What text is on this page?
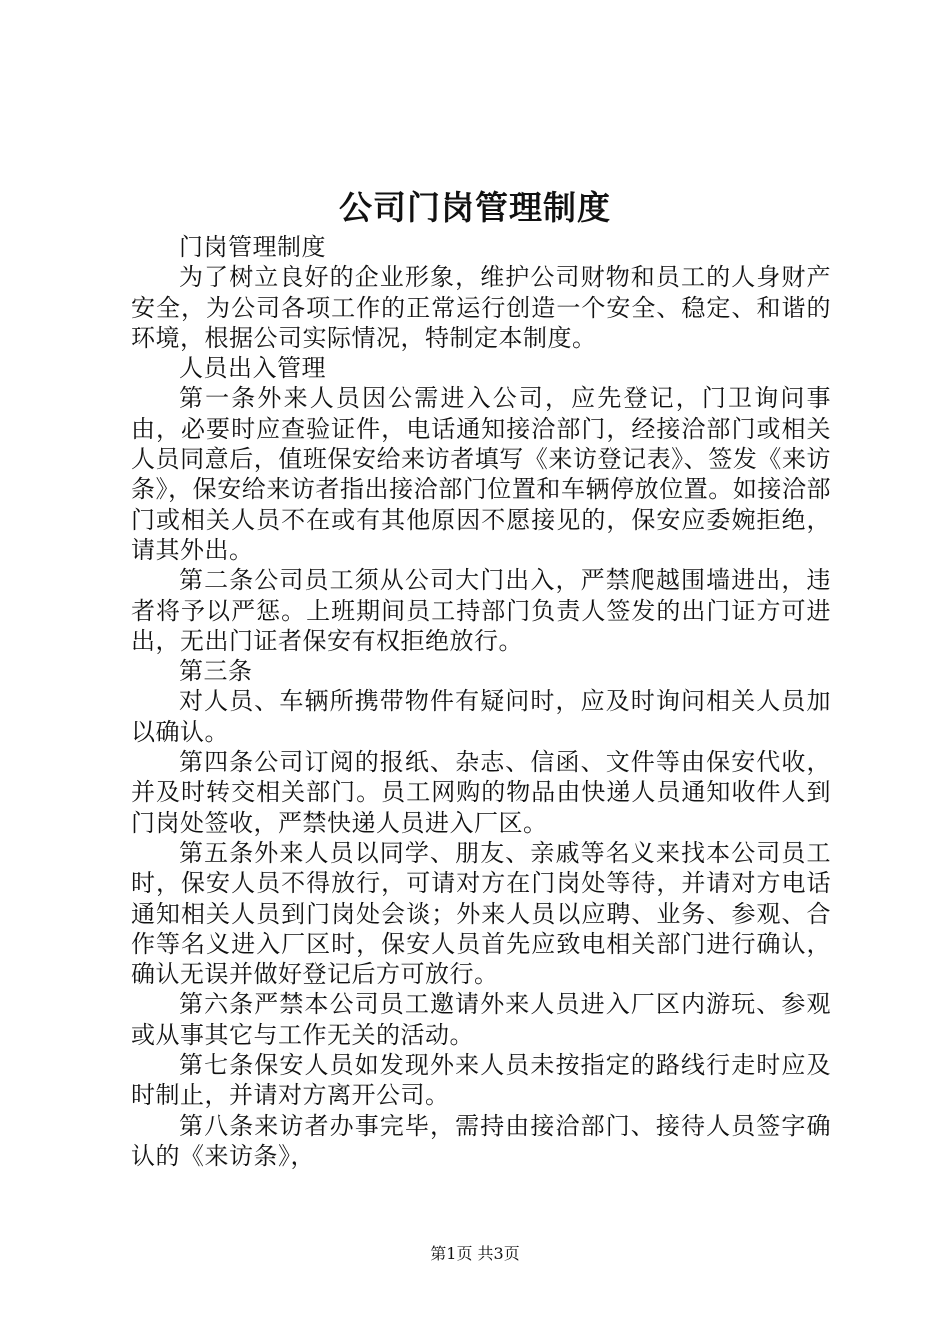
公司门岗管理制度

门岗管理制度

为了树立良好的企业形象，维护公司财物和员工的人身财产安全，为公司各项工作的正常运行创造一个安全、稳定、和谐的环境，根据公司实际情况，特制定本制度。

人员出入管理

第一条外来人员因公需进入公司，应先登记，门卫询问事由，必要时应查验证件，电话通知接洽部门，经接洽部门或相关人员同意后，值班保安给来访者填写《来访登记表》、签发《来访条》，保安给来访者指出接洽部门位置和车辆停放位置。如接洽部门或相关人员不在或有其他原因不愿接见的，保安应委婉拒绝，请其外出。

第二条公司员工须从公司大门出入，严禁爬越围墙进出，违者将予以严惩。上班期间员工持部门负责人签发的出门证方可进出，无出门证者保安有权拒绝放行。

第三条

对人员、车辆所携带物件有疑问时，应及时询问相关人员加以确认。

第四条公司订阅的报纸、杂志、信函、文件等由保安代收，并及时转交相关部门。员工网购的物品由快递人员通知收件人到门岗处签收，严禁快递人员进入厂区。

第五条外来人员以同学、朋友、亲戚等名义来找本公司员工时，保安人员不得放行，可请对方在门岗处等待，并请对方电话通知相关人员到门岗处会谈；外来人员以应聘、业务、参观、合作等名义进入厂区时，保安人员首先应致电相关部门进行确认，确认无误并做好登记后方可放行。

第六条严禁本公司员工邀请外来人员进入厂区内游玩、参观或从事其它与工作无关的活动。

第七条保安人员如发现外来人员未按指定的路线行走时应及时制止，并请对方离开公司。

第八条来访者办事完毕，需持由接洽部门、接待人员签字确认的《来访条》，

第1页 共3页
